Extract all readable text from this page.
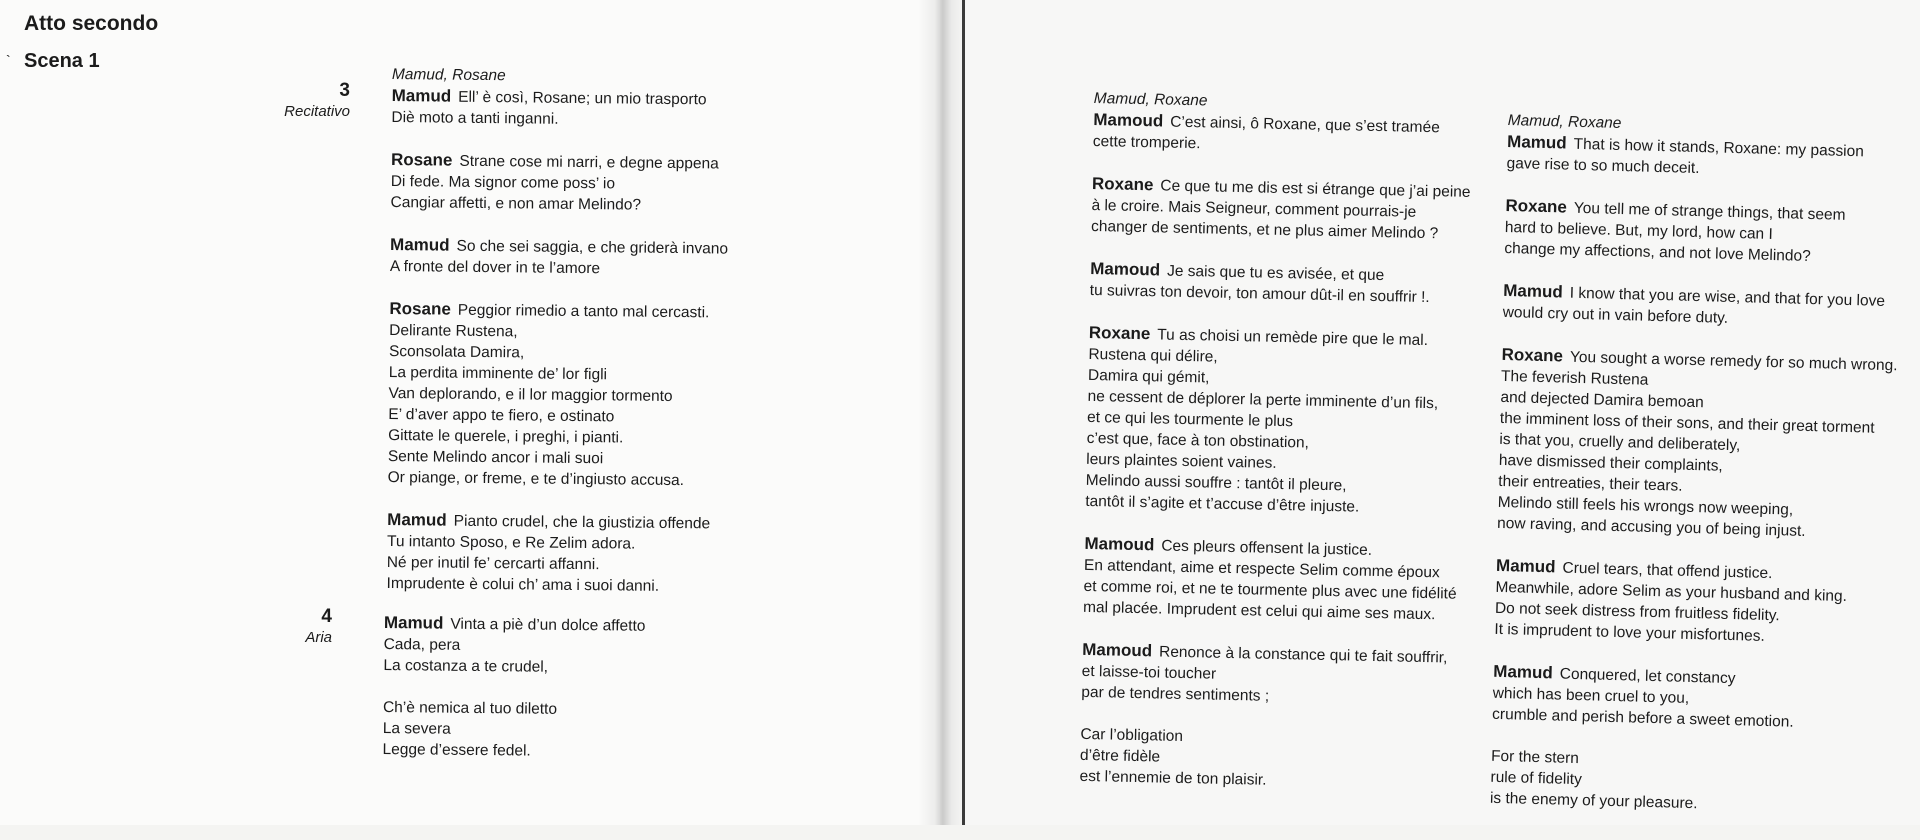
`
Atto secondo
Scena 1
3
Recitativo
4
Aria
Mamud, Rosane

Mamud Ell’ è così, Rosane; un mio trasporto
Diè moto a tanti inganni.

Rosane Strane cose mi narri, e degne appena
Di fede. Ma signor come poss’ io
Cangiar affetti, e non amar Melindo?

Mamud So che sei saggia, e che griderà invano
A fronte del dover in te l’amore

Rosane Peggior rimedio a tanto mal cercasti.
Delirante Rustena,
Sconsolata Damira,
La perdita imminente de’ lor figli
Van deplorando, e il lor maggior tormento
E’ d’aver appo te fiero, e ostinato
Gittate le querele, i preghi, i pianti.
Sente Melindo ancor i mali suoi
Or piange, or freme, e te d’ingiusto accusa.

Mamud Pianto crudel, che la giustizia offende
Tu intanto Sposo, e Re Zelim adora.
Né per inutil fe’ cercarti affanni.
Imprudente è colui ch’ ama i suoi danni.

Mamud Vinta a piè d’un dolce affetto
Cada, pera
La costanza a te crudel,

Ch’è nemica al tuo diletto
La severa
Legge d’essere fedel.

Mamud, Roxane

Mamoud C’est ainsi, ô Roxane, que s’est tramée
cette tromperie.

Roxane Ce que tu me dis est si étrange que j’ai peine
à le croire. Mais Seigneur, comment pourrais-je
changer de sentiments, et ne plus aimer Melindo ?

Mamoud Je sais que tu es avisée, et que
tu suivras ton devoir, ton amour dût-il en souffrir !.

Roxane Tu as choisi un remède pire que le mal.
Rustena qui délire,
Damira qui gémit,
ne cessent de déplorer la perte imminente d’un fils,
et ce qui les tourmente le plus
c’est que, face à ton obstination,
leurs plaintes soient vaines.
Melindo aussi souffre : tantôt il pleure,
tantôt il s’agite et t’accuse d’être injuste.

Mamoud Ces pleurs offensent la justice.
En attendant, aime et respecte Selim comme époux
et comme roi, et ne te tourmente plus avec une fidélité
mal placée. Imprudent est celui qui aime ses maux.

Mamoud Renonce à la constance qui te fait souffrir,
et laisse-toi toucher
par de tendres sentiments ;

Car l’obligation
d’être fidèle
est l’ennemie de ton plaisir.

Mamud, Roxane

Mamud That is how it stands, Roxane: my passion
gave rise to so much deceit.

Roxane You tell me of strange things, that seem
hard to believe. But, my lord, how can I
change my affections, and not love Melindo?

Mamud I know that you are wise, and that for you love
would cry out in vain before duty.

Roxane You sought a worse remedy for so much wrong.
The feverish Rustena
and dejected Damira bemoan
the imminent loss of their sons, and their great torment
is that you, cruelly and deliberately,
have dismissed their complaints,
their entreaties, their tears.
Melindo still feels his wrongs now weeping,
now raving, and accusing you of being injust.

Mamud Cruel tears, that offend justice.
Meanwhile, adore Selim as your husband and king.
Do not seek distress from fruitless fidelity.
It is imprudent to love your misfortunes.

Mamud Conquered, let constancy
which has been cruel to you,
crumble and perish before a sweet emotion.

For the stern
rule of fidelity
is the enemy of your pleasure.
